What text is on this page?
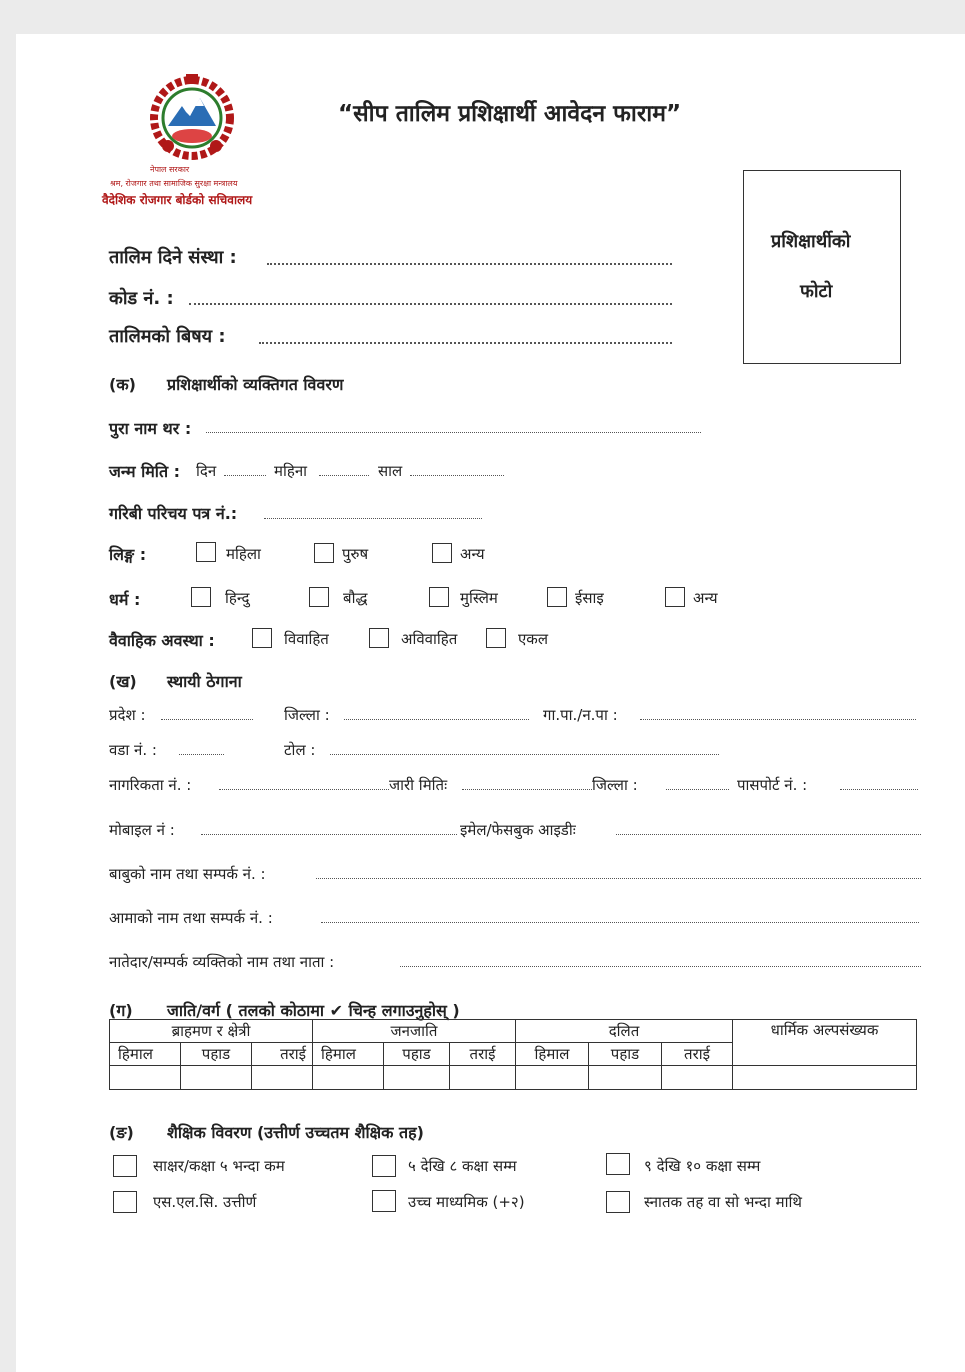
नेपाल सरकार
श्रम, रोजगार तथा सामाजिक सुरक्षा मन्त्रालय
वैदेशिक रोजगार बोर्डको सचिवालय
“सीप तालिम प्रशिक्षार्थी आवेदन फाराम”
प्रशिक्षार्थीको
फोटो
तालिम दिने संस्था :
कोड नं. :
तालिमको बिषय :
(क) प्रशिक्षार्थीको व्यक्तिगत विवरण
पुरा नाम थर :
जन्म मिति : दिन	महिना	साल
गरिबी परिचय पत्र नं.:
लिङ्ग :	महिला	पुरुष	अन्य
धर्म :	हिन्दु	बौद्ध	मुस्लिम	ईसाइ	अन्य
वैवाहिक अवस्था :	विवाहित	अविवाहित	एकल
(ख) स्थायी ठेगाना
प्रदेश :	जिल्ला :	गा.पा./न.पा :
वडा नं. :	टोल :
नागरिकता नं. :	जारी मितिः	जिल्ला :	पासपोर्ट नं. :
मोबाइल नं :	इमेल/फेसबुक आइडीः
बाबुको नाम तथा सम्पर्क नं. :
आमाको नाम तथा सम्पर्क नं. :
नातेदार/सम्पर्क व्यक्तिको नाम तथा नाता :
(ग) जाति/वर्ग ( तलको कोठामा ✔ चिन्ह लगाउनुहोस् )
ब्राहमण र क्षेत्री			जनजाति			दलित			धार्मिक अल्पसंख्यक
हिमाल	पहाड	तराई	हिमाल	पहाड	तराई	हिमाल	पहाड	तराई	

(ङ) शैक्षिक विवरण (उत्तीर्ण उच्चतम शैक्षिक तह)
साक्षर/कक्षा ५ भन्दा कम	५ देखि ८ कक्षा सम्म	९ देखि १० कक्षा सम्म
एस.एल.सि. उत्तीर्ण	उच्च माध्यमिक (+२)	स्नातक तह वा सो भन्दा माथि
